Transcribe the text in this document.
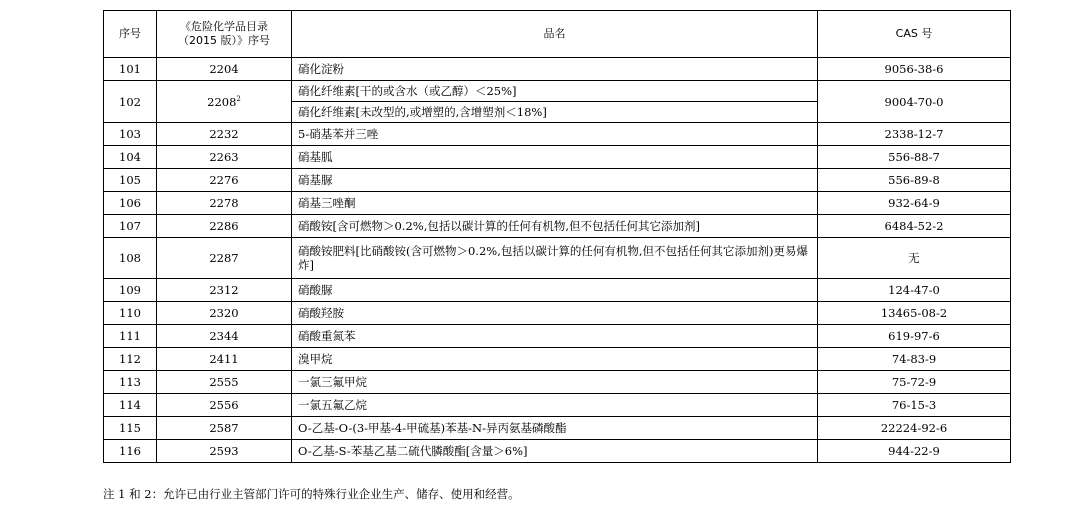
序号	《危险化学品目录（2015 版）》序号	品名	CAS 号
101	2204	硝化淀粉	9056-38-6
102	2208$^2$	硝化纤维素[干的或含水（或乙醇）＜25%]	9004-70-0
		硝化纤维素[未改型的,或增塑的,含增塑剂＜18%]	
103	2232	5-硝基苯并三唑	2338-12-7
104	2263	硝基胍	556-88-7
105	2276	硝基脲	556-89-8
106	2278	硝基三唑酮	932-64-9
107	2286	硝酸铵[含可燃物＞0.2%,包括以碳计算的任何有机物,但不包括任何其它添加剂]	6484-52-2
108	2287	硝酸铵肥料[比硝酸铵(含可燃物＞0.2%,包括以碳计算的任何有机物,但不包括任何其它添加剂)更易爆炸]	无
109	2312	硝酸脲	124-47-0
110	2320	硝酸羟胺	13465-08-2
111	2344	硝酸重氮苯	619-97-6
112	2411	溴甲烷	74-83-9
113	2555	一氯三氟甲烷	75-72-9
114	2556	一氯五氟乙烷	76-15-3
115	2587	O-乙基-O-(3-甲基-4-甲硫基)苯基-N-异丙氨基磷酸酯	22224-92-6
116	2593	O-乙基-S-苯基乙基二硫代膦酸酯[含量＞6%]	944-22-9
注 1 和 2：允许已由行业主管部门许可的特殊行业企业生产、储存、使用和经营。
